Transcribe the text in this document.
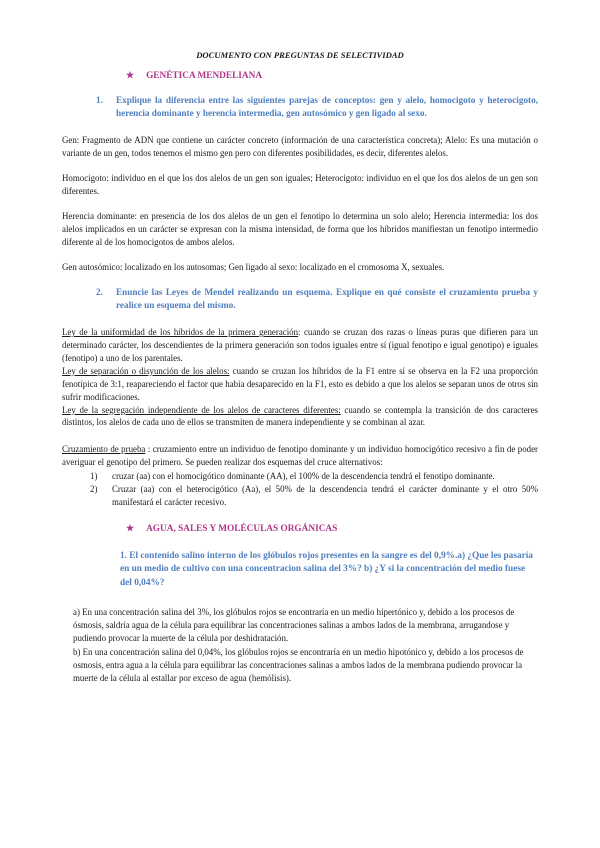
DOCUMENTO CON PREGUNTAS DE SELECTIVIDAD

★ GENÉTICA MENDELIANA

1.	Explique la diferencia entre las siguientes parejas de conceptos: gen y alelo, homocigoto y heterocigoto, herencia dominante y herencia intermedia, gen autosómico y gen ligado al sexo.

Gen: Fragmento de ADN que contiene un carácter concreto (información de una característica concreta); Alelo: Es una mutación o variante de un gen, todos tenemos el mismo gen pero con diferentes posibilidades, es decir, diferentes alelos.

Homocigoto: individuo en el que los dos alelos de un gen son iguales; Heterocigoto: individuo en el que los dos alelos de un gen son diferentes.

Herencia dominante: en presencia de los dos alelos de un gen el fenotipo lo determina un solo alelo; Herencia intermedia: los dos alelos implicados en un carácter se expresan con la misma intensidad, de forma que los híbridos manifiestan un fenotipo intermedio diferente al de los homocigotos de ambos alelos.

Gen autosómico: localizado en los autosomas; Gen ligado al sexo: localizado en el cromosoma X, sexuales.

2.	Enuncie las Leyes de Mendel realizando un esquema. Explique en qué consiste el cruzamiento prueba y realice un esquema del mismo.

Ley de la uniformidad de los híbridos de la primera generación: cuando se cruzan dos razas o líneas puras que difieren para un determinado carácter, los descendientes de la primera generación son todos iguales entre sí (igual fenotipo e igual genotipo) e iguales (fenotipo) a uno de los parentales.

Ley de separación o disyunción de los alelos: cuando se cruzan los híbridos de la F1 entre sí se observa en la F2 una proporción fenotípica de 3:1, reapareciendo el factor que había desaparecido en la F1, esto es debido a que los alelos se separan unos de otros sin sufrir modificaciones.

Ley de la segregación independiente de los alelos de caracteres diferentes: cuando se contempla la transición de dos caracteres distintos, los alelos de cada uno de ellos se transmiten de manera independiente y se combinan al azar.

Cruzamiento de prueba : cruzamiento entre un individuo de fenotipo dominante y un individuo homocigótico recesivo a fin de poder averiguar el genotipo del primero. Se pueden realizar dos esquemas del cruce alternativos:

1)	cruzar (aa) con el homocigótico dominante (AA), el 100% de la descendencia tendrá el fenotipo dominante.
2)	Cruzar (aa) con el heterocigótico (Aa), el 50% de la descendencia tendrá el carácter dominante y el otro 50% manifestará el carácter recesivo.

★ AGUA, SALES Y MOLÉCULAS ORGÁNICAS

1. El contenido salino interno de los glóbulos rojos presentes en la sangre es del 0,9%.a) ¿Que les pasaría en un medio de cultivo con una concentracion salina del 3%? b) ¿Y si la concentración del medio fuese del 0,04%?

a) En una concentración salina del 3%, los glóbulos rojos se encontraría en un medio hipertónico y, debido a los procesos de ósmosis, saldría agua de la célula para equilibrar las concentraciones salinas a ambos lados de la membrana, arrugandose y pudiendo provocar la muerte de la célula por deshidratación.

b) En una concentración salina del 0,04%, los glóbulos rojos se encontraría en un medio hipotónico y, debido a los procesos de osmosis, entra agua a la célula para equilibrar las concentraciones salinas a ambos lados de la membrana pudiendo provocar la muerte de la célula al estallar por exceso de agua (hemólisis).
